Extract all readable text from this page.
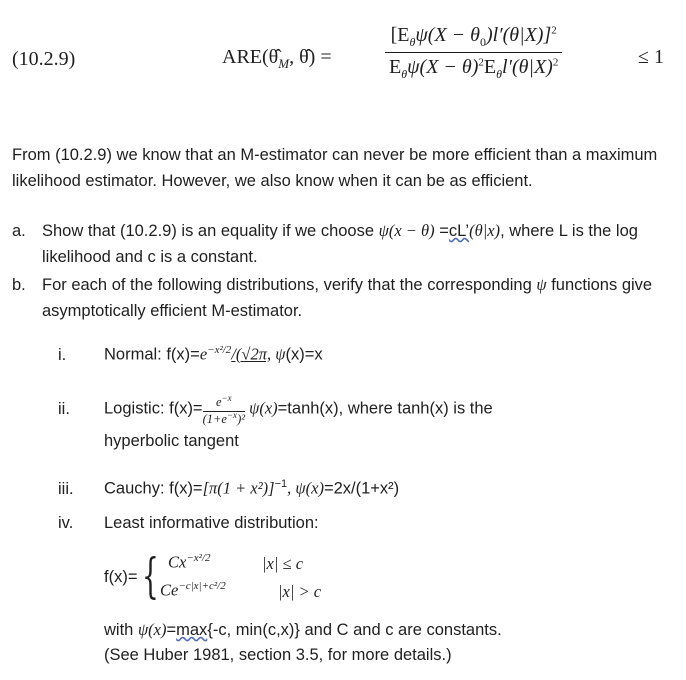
(10.2.9)	$ARE(\thetâ_M$, θ̂) =
$[E_\theta\psi(X - \theta_0)l'(\theta|X)]^2$
$E_\theta\psi(X - \theta)^2E_\theta l'(\theta|X)^2$	≤ 1
From (10.2.9) we know that an M-estimator can never be more efficient than a maximum likelihood estimator. However, we also know when it can be as efficient.
a. Show that (10.2.9) is an equality if we choose ψ(x − θ) =cL’(θ|x), where L is the log likelihood and c is a constant.
b. For each of the following distributions, verify that the corresponding ψ functions give asymptotically efficient M-estimator.
i. Normal: $f(x)=e^{-x^2/2}/(√2\pi$, ψ(x)=x
ii. Logistic: $f(x)= e^{-x}$
$(1+e^{-x})^2$ ψ(x)=tanh(x), where tanh(x) is the
hyperbolic tangent
iii. Cauchy: $f(x)=[\pi(1 + x^2)]^{-1}$, ψ(x)=2x/(1+x²)
iv. Least informative distribution:
f(x)= { $Cx^{-x^2/2}$	|x| ≤ c
$Ce^{-c|x|+c^2/2}$	|x| > c
with ψ(x)=max{-c, min(c,x)} and C and c are constants.
(See Huber 1981, section 3.5, for more details.)
